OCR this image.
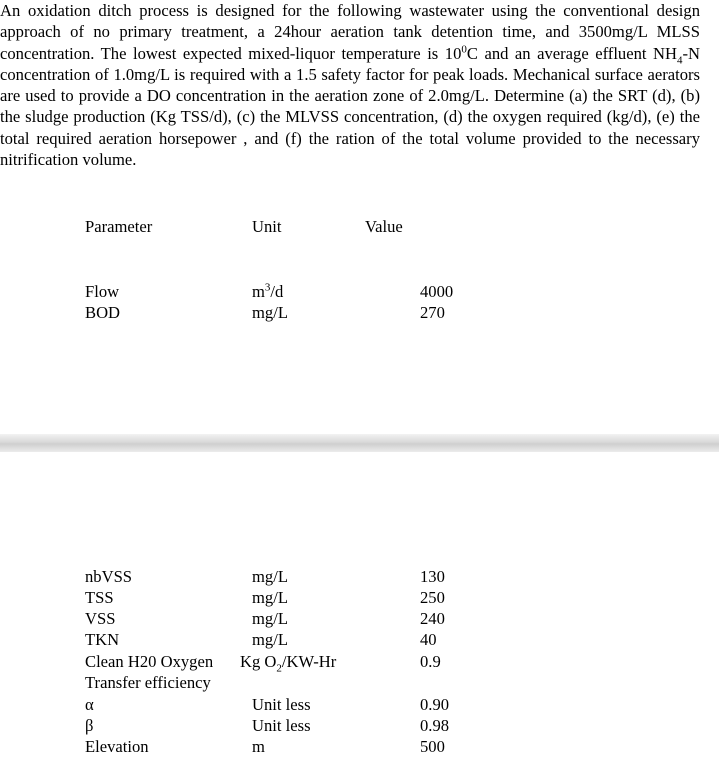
An oxidation ditch process is designed for the following wastewater using the conventional design approach of no primary treatment, a 24hour aeration tank detention time, and 3500mg/L MLSS concentration. The lowest expected mixed-liquor temperature is $10^0C$ and an average effluent $NH_4-N$ concentration of 1.0mg/L is required with a 1.5 safety factor for peak loads. Mechanical surface aerators are used to provide a DO concentration in the aeration zone of 2.0mg/L. Determine (a) the SRT (d), (b) the sludge production (Kg TSS/d), (c) the MLVSS concentration, (d) the oxygen required (kg/d), (e) the total required aeration horsepower , and (f) the ration of the total volume provided to the necessary nitrification volume.

Parameter	Unit	Value
Flow	$m^3/d$	4000
BOD	mg/L	270
nbVSS	mg/L	130
TSS	mg/L	250
VSS	mg/L	240
TKN	mg/L	40
Clean H20 Oxygen
Transfer efficiency
Kg $O_2/KW-Hr$	0.9
α	Unit less	0.90
β	Unit less	0.98
Elevation	m	500
